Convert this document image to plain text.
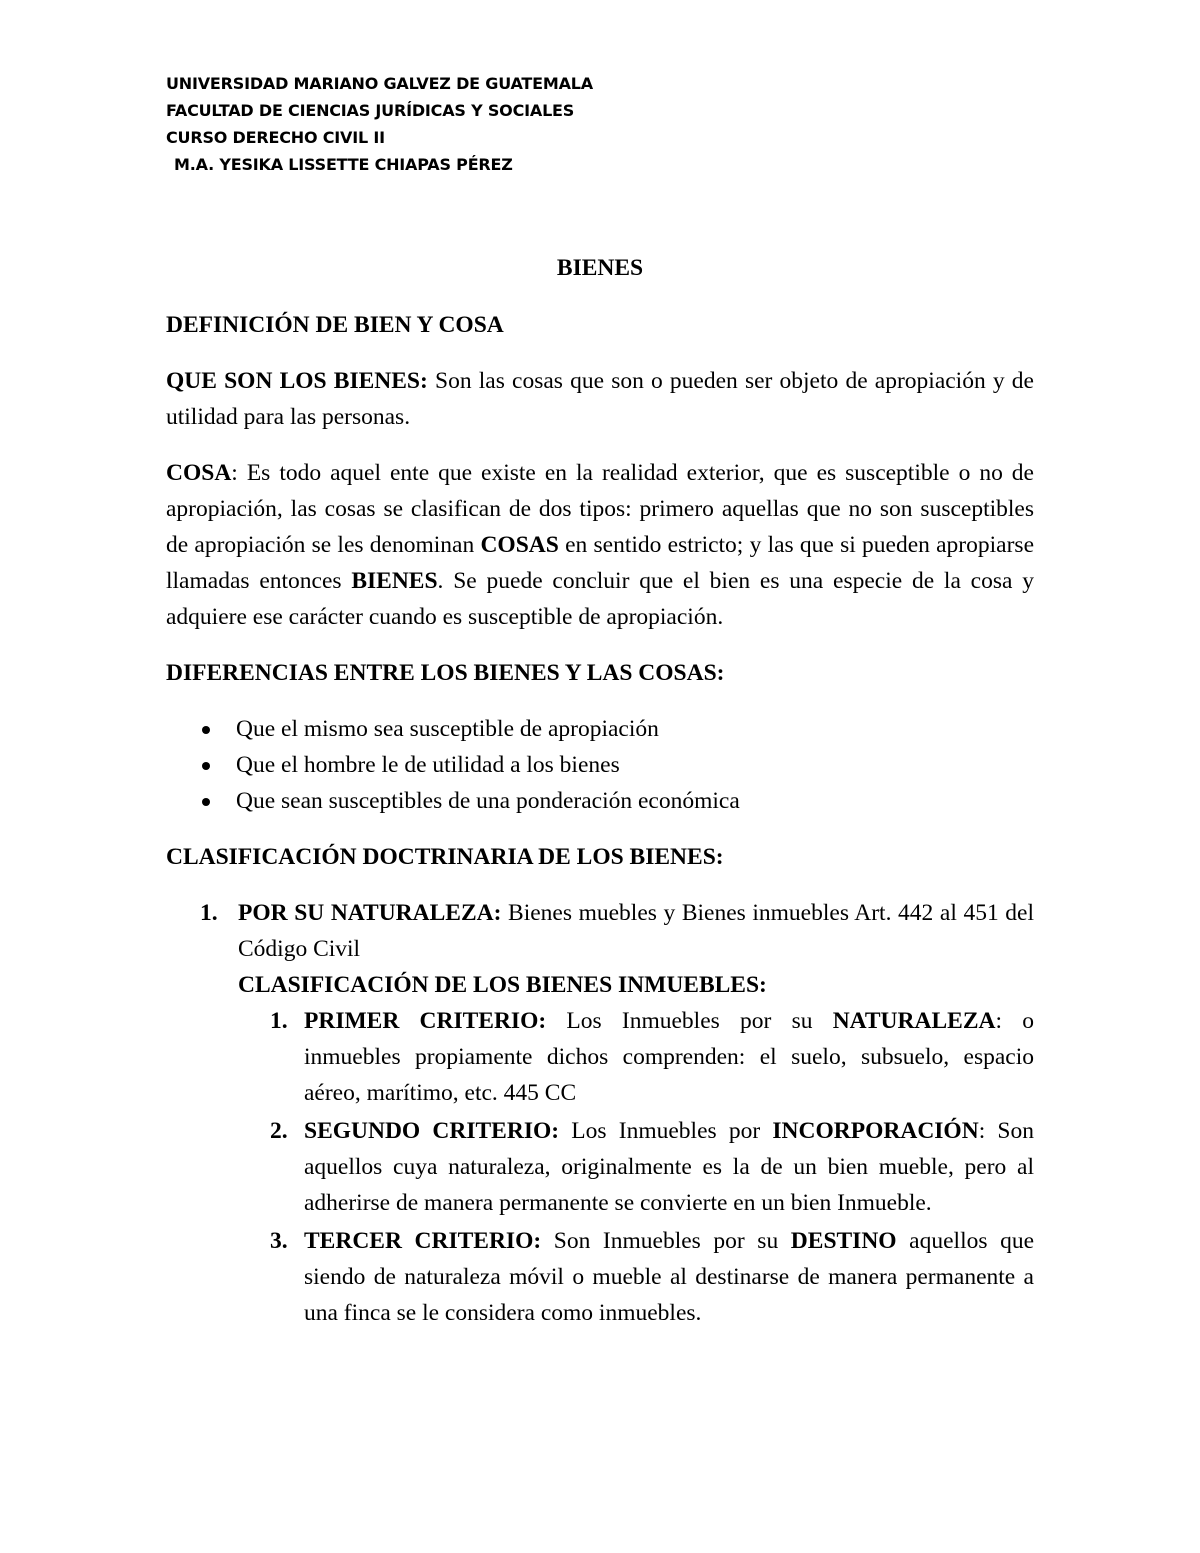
UNIVERSIDAD MARIANO GALVEZ DE GUATEMALA
FACULTAD DE CIENCIAS JURÍDICAS Y SOCIALES
CURSO DERECHO CIVIL II
M.A. YESIKA LISSETTE CHIAPAS PÉREZ

BIENES

DEFINICIÓN DE BIEN Y COSA

QUE SON LOS BIENES: Son las cosas que son o pueden ser objeto de apropiación y de utilidad para las personas.

COSA: Es todo aquel ente que existe en la realidad exterior, que es susceptible o no de apropiación, las cosas se clasifican de dos tipos: primero aquellas que no son susceptibles de apropiación se les denominan COSAS en sentido estricto; y las que si pueden apropiarse llamadas entonces BIENES. Se puede concluir que el bien es una especie de la cosa y adquiere ese carácter cuando es susceptible de apropiación.

DIFERENCIAS ENTRE LOS BIENES Y LAS COSAS:

Que el mismo sea susceptible de apropiación
Que el hombre le de utilidad a los bienes
Que sean susceptibles de una ponderación económica

CLASIFICACIÓN DOCTRINARIA DE LOS BIENES:

1. POR SU NATURALEZA: Bienes muebles y Bienes inmuebles Art. 442 al 451 del Código Civil
CLASIFICACIÓN DE LOS BIENES INMUEBLES:
1. PRIMER CRITERIO: Los Inmuebles por su NATURALEZA: o inmuebles propiamente dichos comprenden: el suelo, subsuelo, espacio aéreo, marítimo, etc. 445 CC
2. SEGUNDO CRITERIO: Los Inmuebles por INCORPORACIÓN: Son aquellos cuya naturaleza, originalmente es la de un bien mueble, pero al adherirse de manera permanente se convierte en un bien Inmueble.
3. TERCER CRITERIO: Son Inmuebles por su DESTINO aquellos que siendo de naturaleza móvil o mueble al destinarse de manera permanente a una finca se le considera como inmuebles.
